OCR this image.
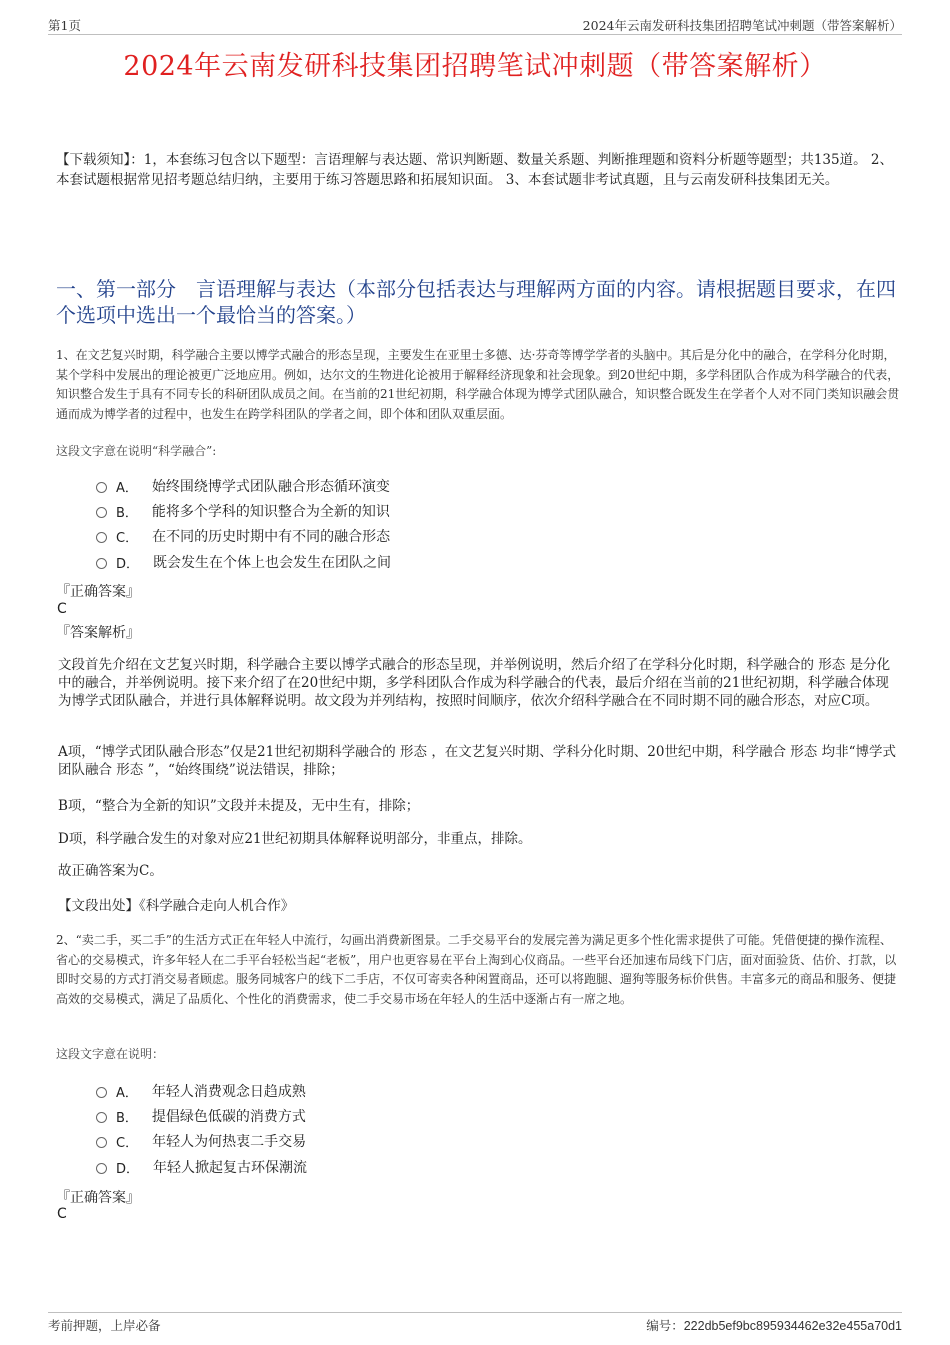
第1页	2024年云南发研科技集团招聘笔试冲刺题（带答案解析）
2024年云南发研科技集团招聘笔试冲刺题（带答案解析）
【下载须知】：1，本套练习包含以下题型：言语理解与表达题、常识判断题、数量关系题、判断推理题和资料分析题等题型；共135道。 2、本套试题根据常见招考题总结归纳，主要用于练习答题思路和拓展知识面。 3、本套试题非考试真题，且与云南发研科技集团无关。
一、第一部分　言语理解与表达（本部分包括表达与理解两方面的内容。请根据题目要求，在四个选项中选出一个最恰当的答案。）
1、在文艺复兴时期，科学融合主要以博学式融合的形态呈现，主要发生在亚里士多德、达·芬奇等博学学者的头脑中。其后是分化中的融合，在学科分化时期，某个学科中发展出的理论被更广泛地应用。例如，达尔文的生物进化论被用于解释经济现象和社会现象。到20世纪中期，多学科团队合作成为科学融合的代表，知识整合发生于具有不同专长的科研团队成员之间。在当前的21世纪初期，科学融合体现为博学式团队融合，知识整合既发生在学者个人对不同门类知识融会贯通而成为博学者的过程中，也发生在跨学科团队的学者之间，即个体和团队双重层面。
这段文字意在说明“科学融合”:
A． 始终围绕博学式团队融合形态循环演变
B． 能将多个学科的知识整合为全新的知识
C． 在不同的历史时期中有不同的融合形态
D． 既会发生在个体上也会发生在团队之间
『正确答案』
C
『答案解析』
文段首先介绍在文艺复兴时期，科学融合主要以博学式融合的形态呈现，并举例说明，然后介绍了在学科分化时期，科学融合的 形态 是分化中的融合，并举例说明。接下来介绍了在20世纪中期，多学科团队合作成为科学融合的代表，最后介绍在当前的21世纪初期，科学融合体现为博学式团队融合，并进行具体解释说明。故文段为并列结构，按照时间顺序，依次介绍科学融合在不同时期不同的融合形态，对应C项。
A项，“博学式团队融合形态”仅是21世纪初期科学融合的 形态 ，在文艺复兴时期、学科分化时期、20世纪中期，科学融合 形态 均非“博学式团队融合 形态 ”，“始终围绕”说法错误，排除；
B项，“整合为全新的知识”文段并未提及，无中生有，排除；
D项，科学融合发生的对象对应21世纪初期具体解释说明部分，非重点，排除。
故正确答案为C。
【文段出处】《科学融合走向人机合作》
2、“卖二手，买二手”的生活方式正在年轻人中流行，勾画出消费新图景。二手交易平台的发展完善为满足更多个性化需求提供了可能。凭借便捷的操作流程、省心的交易模式，许多年轻人在二手平台轻松当起“老板”，用户也更容易在平台上淘到心仪商品。一些平台还加速布局线下门店，面对面验货、估价、打款，以即时交易的方式打消交易者顾虑。服务同城客户的线下二手店，不仅可寄卖各种闲置商品，还可以将跑腿、遛狗等服务标价供售。丰富多元的商品和服务、便捷高效的交易模式，满足了品质化、个性化的消费需求，使二手交易市场在年轻人的生活中逐渐占有一席之地。
这段文字意在说明：
A． 年轻人消费观念日趋成熟
B． 提倡绿色低碳的消费方式
C． 年轻人为何热衷二手交易
D． 年轻人掀起复古环保潮流
『正确答案』
C
考前押题，上岸必备	编号：222db5ef9bc895934462e32e455a70d1
